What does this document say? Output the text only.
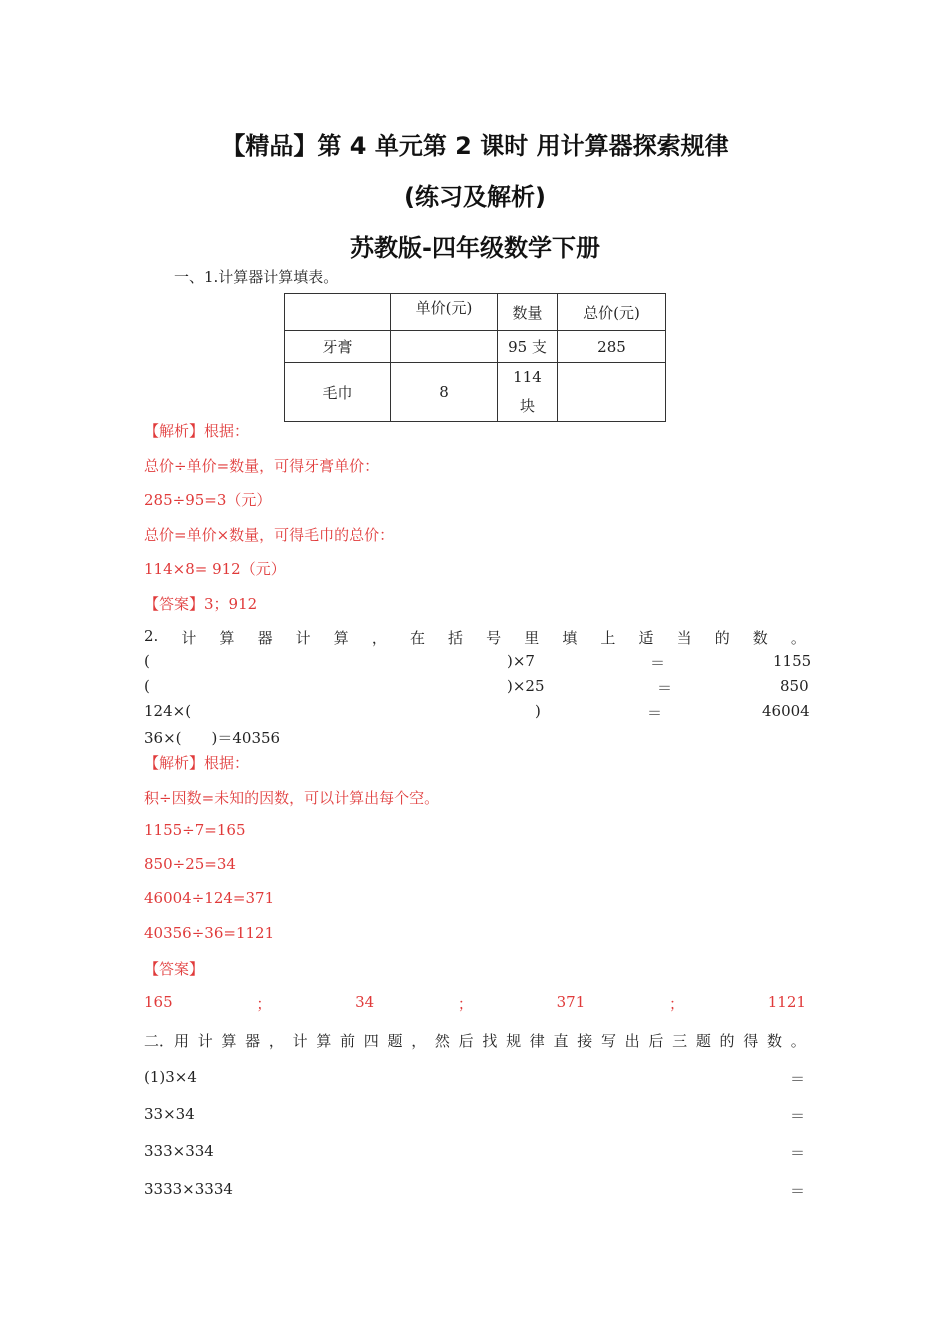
【精品】第 4 单元第 2 课时 用计算器探索规律
(练习及解析)
苏教版-四年级数学下册
一、1.计算器计算填表。
	单价(元)	数量	总价(元)
牙膏		95 支	285
毛巾	8	114
块	
【解析】根据：
总价÷单价=数量，可得牙膏单价：
285÷95=3（元）
总价=单价×数量，可得毛巾的总价：
114×8= 912（元）
【答案】3；912
2. 计 算 器 计 算 ， 在 括 号 里 填 上 适 当 的 数 。
(	)×7	＝	1155
(	)×25	＝	850
124×(	)	＝	46004
36×(　　)＝40356
【解析】根据：
积÷因数=未知的因数，可以计算出每个空。
1155÷7=165
850÷25=34
46004÷124=371
40356÷36=1121
【答案】
165	；	34	；	371	；	1121
二．用 计 算 器 ， 计 算 前 四 题 ， 然 后 找 规 律 直 接 写 出 后 三 题 的 得 数 。
(1)3×4	＝
33×34	＝
333×334	＝
3333×3334	＝
